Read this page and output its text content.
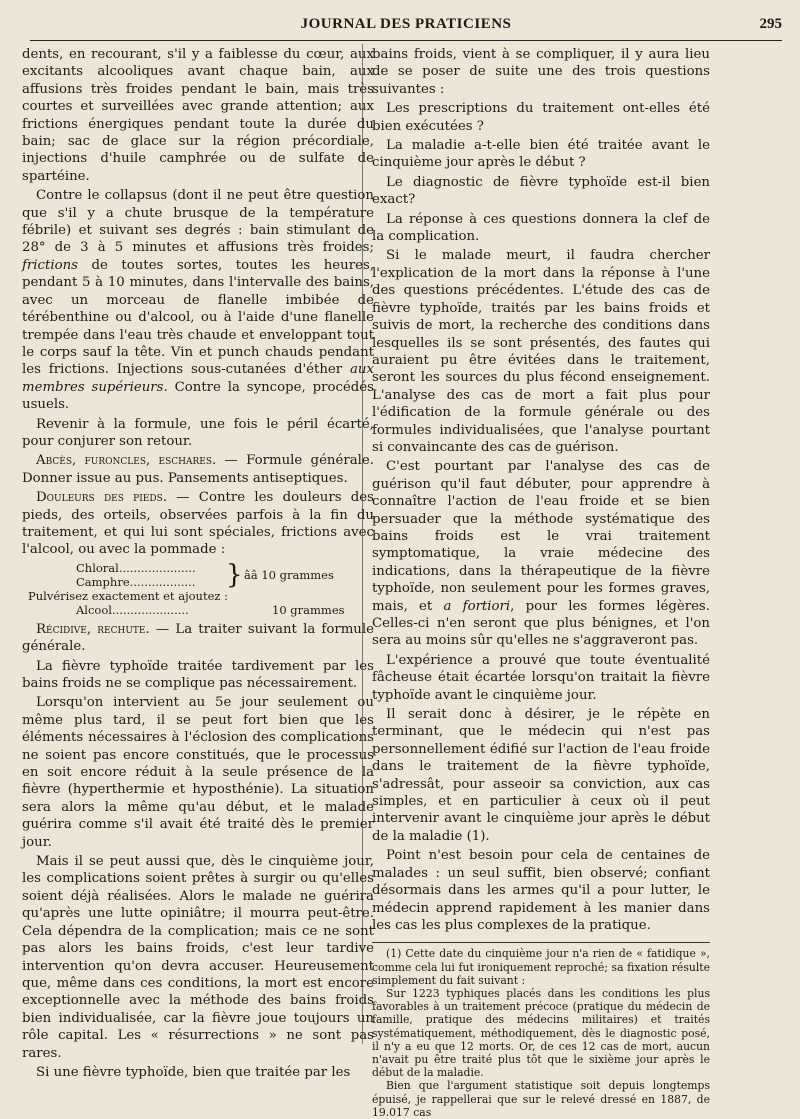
JOURNAL DES PRATICIENS	295

dents, en recourant, s'il y a faiblesse du cœur, aux excitants alcooliques avant chaque bain, aux affusions très froides pendant le bain, mais très courtes et surveillées avec grande attention; aux frictions énergiques pendant toute la durée du bain; sac de glace sur la région précordiale, injections d'huile camphrée ou de sulfate de spartéine.

Contre le collapsus (dont il ne peut être question que s'il y a chute brusque de la température fébrile) et suivant ses degrés : bain stimulant de 28° de 3 à 5 minutes et affusions très froides; frictions de toutes sortes, toutes les heures, pendant 5 à 10 minutes, dans l'intervalle des bains, avec un morceau de flanelle imbibée de térébenthine ou d'alcool, ou à l'aide d'une flanelle trempée dans l'eau très chaude et enveloppant tout le corps sauf la tête. Vin et punch chauds pendant les frictions. Injections sous-cutanées d'éther aux membres supérieurs. Contre la syncope, procédés usuels.

Revenir à la formule, une fois le péril écarté, pour conjurer son retour.

Abcès, furoncles, eschares. — Formule générale. Donner issue au pus. Pansements antiseptiques.

Douleurs des pieds. — Contre les douleurs des pieds, des orteils, observées parfois à la fin du traitement, et qui lui sont spéciales, frictions avec l'alcool, ou avec la pommade :

Chloral.....................
Camphre..................	} ââ 10 grammes
Pulvérisez exactement et ajoutez :
Alcool.....................	10 grammes

Récidive, rechute. — La traiter suivant la formule générale.

La fièvre typhoïde traitée tardivement par les bains froids ne se complique pas nécessairement.

Lorsqu'on intervient au 5e jour seulement ou même plus tard, il se peut fort bien que les éléments nécessaires à l'éclosion des complications ne soient pas encore constitués, que le processus en soit encore réduit à la seule présence de la fièvre (hyperthermie et hyposthénie). La situation sera alors la même qu'au début, et le malade guérira comme s'il avait été traité dès le premier jour.

Mais il se peut aussi que, dès le cinquième jour, les complications soient prêtes à surgir ou qu'elles soient déjà réalisées. Alors le malade ne guérira qu'après une lutte opiniâtre; il mourra peut-être. Cela dépendra de la complication; mais ce ne sont pas alors les bains froids, c'est leur tardive intervention qu'on devra accuser. Heureusement que, même dans ces conditions, la mort est encore exceptionnelle avec la méthode des bains froids bien individualisée, car la fièvre joue toujours un rôle capital. Les « résurrections » ne sont pas rares.

Si une fièvre typhoïde, bien que traitée par les

bains froids, vient à se compliquer, il y aura lieu de se poser de suite une des trois questions suivantes :

Les prescriptions du traitement ont-elles été bien exécutées ?

La maladie a-t-elle bien été traitée avant le cinquième jour après le début ?

Le diagnostic de fièvre typhoïde est-il bien exact?

La réponse à ces questions donnera la clef de la complication.

Si le malade meurt, il faudra chercher l'explication de la mort dans la réponse à l'une des questions précédentes. L'étude des cas de fièvre typhoïde, traités par les bains froids et suivis de mort, la recherche des conditions dans lesquelles ils se sont présentés, des fautes qui auraient pu être évitées dans le traitement, seront les sources du plus fécond enseignement. L'analyse des cas de mort a fait plus pour l'édification de la formule générale ou des formules individualisées, que l'analyse pourtant si convaincante des cas de guérison.

C'est pourtant par l'analyse des cas de guérison qu'il faut débuter, pour apprendre à connaître l'action de l'eau froide et se bien persuader que la méthode systématique des bains froids est le vrai traitement symptomatique, la vraie médecine des indications, dans la thérapeutique de la fièvre typhoïde, non seulement pour les formes graves, mais, et a fortiori, pour les formes légères. Celles-ci n'en seront que plus bénignes, et l'on sera au moins sûr qu'elles ne s'aggraveront pas.

L'expérience a prouvé que toute éventualité fâcheuse était écartée lorsqu'on traitait la fièvre typhoïde avant le cinquième jour.

Il serait donc à désirer, je le répète en terminant, que le médecin qui n'est pas personnellement édifié sur l'action de l'eau froide dans le traitement de la fièvre typhoïde, s'adressât, pour asseoir sa conviction, aux cas simples, et en particulier à ceux où il peut intervenir avant le cinquième jour après le début de la maladie (1).

Point n'est besoin pour cela de centaines de malades : un seul suffit, bien observé; confiant désormais dans les armes qu'il a pour lutter, le médecin apprend rapidement à les manier dans les cas les plus complexes de la pratique.

(1) Cette date du cinquième jour n'a rien de « fatidique », comme cela lui fut ironiquement reproché; sa fixation résulte simplement du fait suivant :

Sur 1223 typhiques placés dans les conditions les plus favorables à un traitement précoce (pratique du médecin de famille, pratique des médecins militaires) et traités systématiquement, méthodiquement, dès le diagnostic posé, il n'y a eu que 12 morts. Or, de ces 12 cas de mort, aucun n'avait pu être traité plus tôt que le sixième jour après le début de la maladie.

Bien que l'argument statistique soit depuis longtemps épuisé, je rappellerai que sur le relevé dressé en 1887, de 19.017 cas
